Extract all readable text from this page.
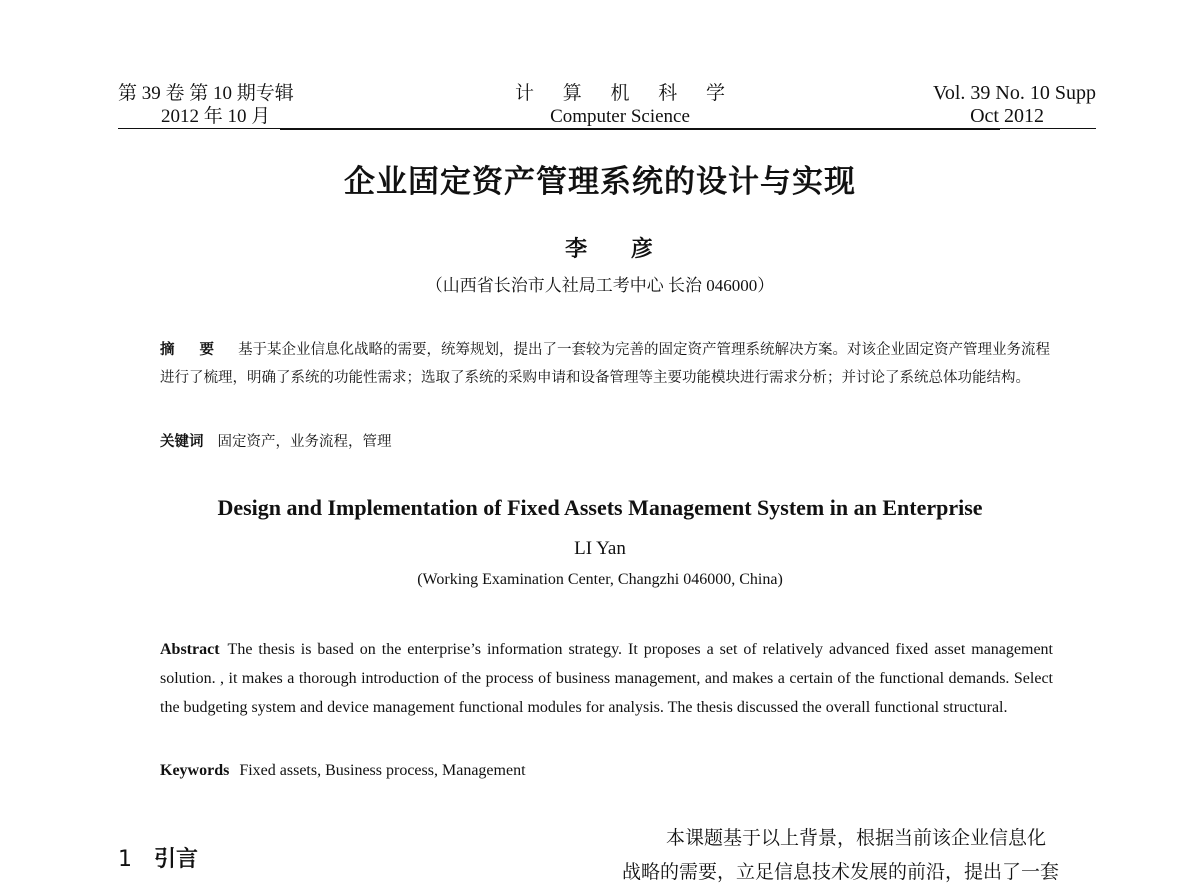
第 39 卷 第 10 期专辑
2012 年 10 月
计 算 机 科 学
Computer Science
Vol. 39 No. 10 Supp
Oct 2012
企业固定资产管理系统的设计与实现
李 彦
（山西省长治市人社局工考中心 长治 046000）
摘 要 基于某企业信息化战略的需要，统筹规划，提出了一套较为完善的固定资产管理系统解决方案。对该企业固定资产管理业务流程进行了梳理，明确了系统的功能性需求；选取了系统的采购申请和设备管理等主要功能模块进行需求分析；并讨论了系统总体功能结构。
关键词 固定资产，业务流程，管理
Design and Implementation of Fixed Assets Management System in an Enterprise
LI Yan
(Working Examination Center, Changzhi 046000, China)
Abstract The thesis is based on the enterprise’s information strategy. It proposes a set of relatively advanced fixed asset management solution. , it makes a thorough introduction of the process of business management, and makes a certain of the functional demands. Select the budgeting system and device management functional modules for analysis. The thesis discussed the overall functional structural.
Keywords Fixed assets, Business process, Management
1 引言
本课题基于以上背景，根据当前该企业信息化
战略的需要，立足信息技术发展的前沿，提出了一套
